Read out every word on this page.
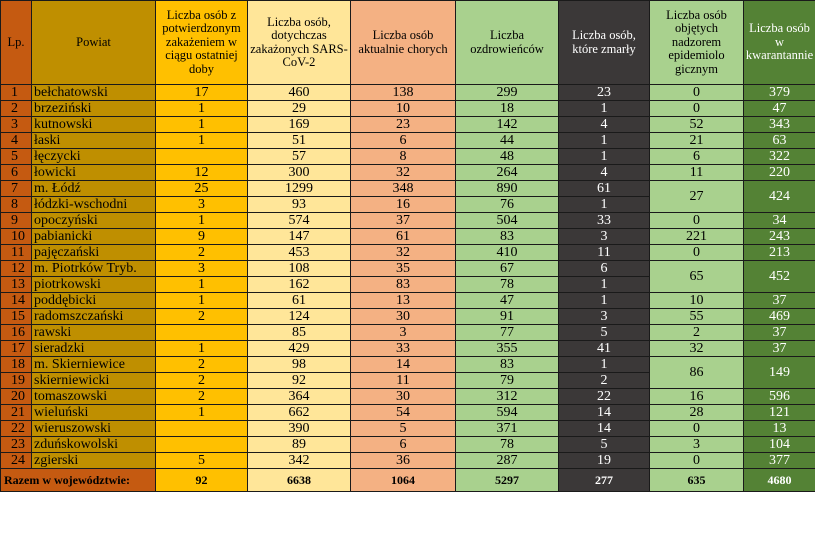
Lp.	Powiat	Liczba osób z potwierdzonym zakażeniem w ciągu ostatniej doby	Liczba osób, dotychczas zakażonych SARS-CoV-2	Liczba osób aktualnie chorych	Liczba ozdrowieńców	Liczba osób, które zmarły	Liczba osób objętych nadzorem epidemiolo gicznym	Liczba osób w kwarantannie
1	bełchatowski	17	460	138	299	23	0	379
2	brzeziński	1	29	10	18	1	0	47
3	kutnowski	1	169	23	142	4	52	343
4	łaski	1	51	6	44	1	21	63
5	łęczycki		57	8	48	1	6	322
6	łowicki	12	300	32	264	4	11	220
7	m. Łódź	25	1299	348	890	61	27	424
8	łódzki-wschodni	3	93	16	76	1		
9	opoczyński	1	574	37	504	33	0	34
10	pabianicki	9	147	61	83	3	221	243
11	pajęczański	2	453	32	410	11	0	213
12	m. Piotrków Tryb.	3	108	35	67	6	65	452
13	piotrkowski	1	162	83	78	1		
14	poddębicki	1	61	13	47	1	10	37
15	radomszczański	2	124	30	91	3	55	469
16	rawski		85	3	77	5	2	37
17	sieradzki	1	429	33	355	41	32	37
18	m. Skierniewice	2	98	14	83	1	86	149
19	skierniewicki	2	92	11	79	2		
20	tomaszowski	2	364	30	312	22	16	596
21	wieluński	1	662	54	594	14	28	121
22	wieruszowski		390	5	371	14	0	13
23	zduńskowolski		89	6	78	5	3	104
24	zgierski	5	342	36	287	19	0	377
Razem w województwie:		92	6638	1064	5297	277	635	4680
